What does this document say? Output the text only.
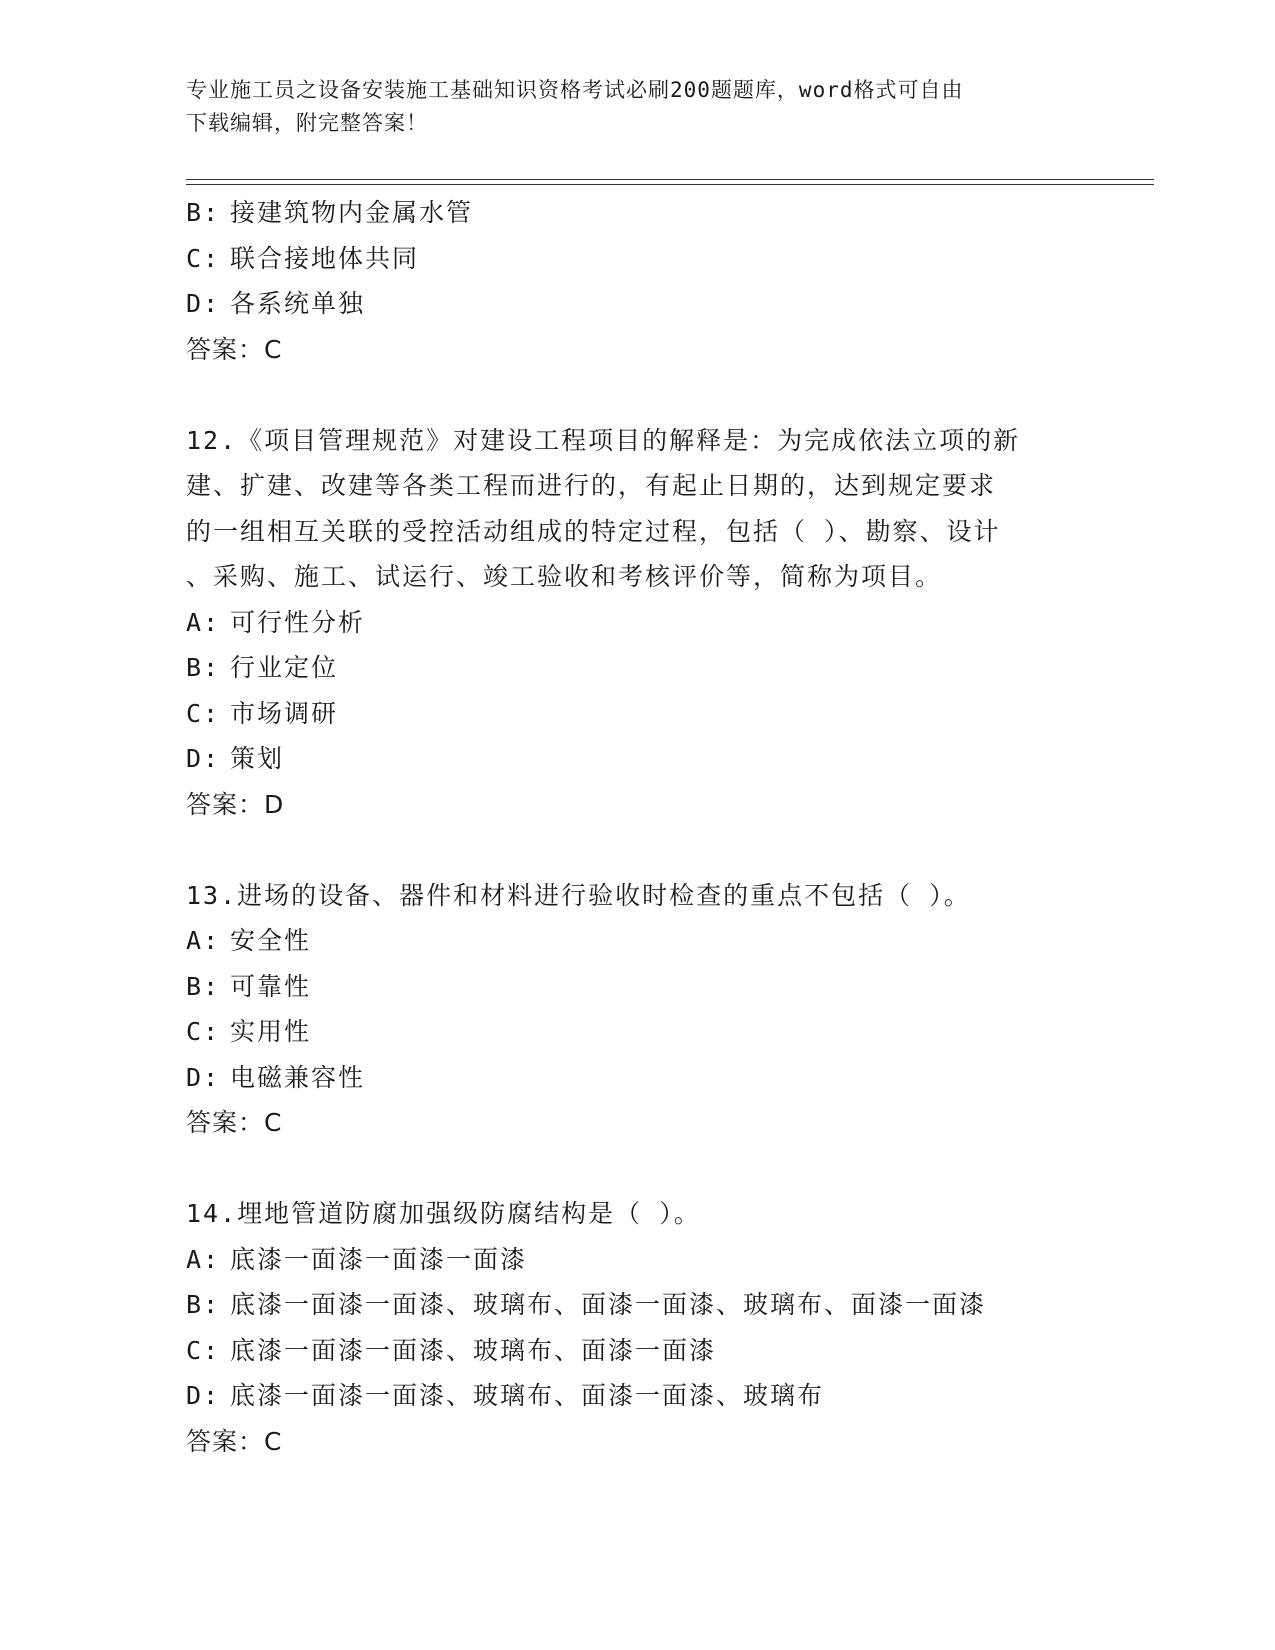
专业施工员之设备安装施工基础知识资格考试必刷200题题库，word格式可自由
下载编辑，附完整答案！
B: 接建筑物内金属水管
C: 联合接地体共同
D: 各系统单独
答案：C
12.《项目管理规范》对建设工程项目的解释是：为完成依法立项的新
建、扩建、改建等各类工程而进行的，有起止日期的，达到规定要求
的一组相互关联的受控活动组成的特定过程，包括（ ）、勘察、设计
、采购、施工、试运行、竣工验收和考核评价等，简称为项目。
A: 可行性分析
B: 行业定位
C: 市场调研
D: 策划
答案：D
13.进场的设备、器件和材料进行验收时检查的重点不包括（ ）。
A: 安全性
B: 可靠性
C: 实用性
D: 电磁兼容性
答案：C
14.埋地管道防腐加强级防腐结构是（ ）。
A: 底漆一面漆一面漆一面漆
B: 底漆一面漆一面漆、玻璃布、面漆一面漆、玻璃布、面漆一面漆
C: 底漆一面漆一面漆、玻璃布、面漆一面漆
D: 底漆一面漆一面漆、玻璃布、面漆一面漆、玻璃布
答案：C
